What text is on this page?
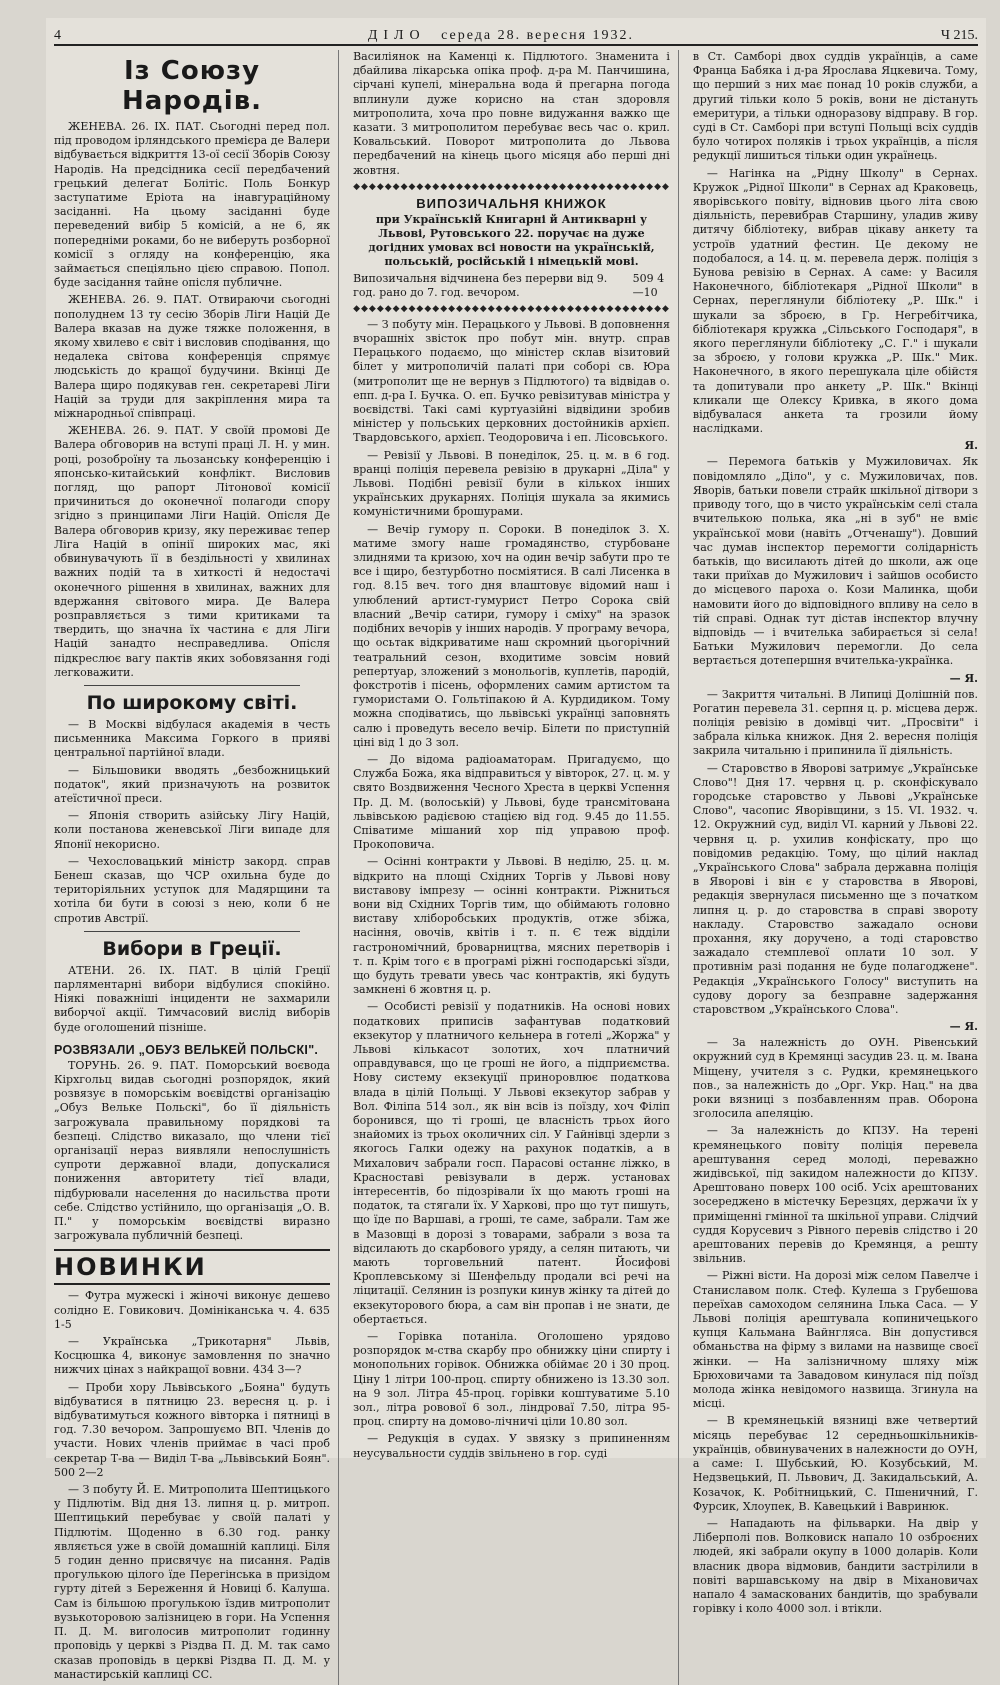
4	ДІЛО середа 28. вересня 1932.	Ч 215.
Із Союзу Народів.

ЖЕНЕВА. 26. ІХ. ПАТ. Сьогодні перед пол. під проводом ірляндського премієра де Валери відбувається відкриття 13-ої сесії Зборів Союзу Народів. На предсідника сесії передбачений грецький делегат Болітіс. Поль Бонкур заступатиме Еріота на інавгураційному засіданні. На цьому засіданні буде переведений вибір 5 комісій, а не 6, як попередніми роками, бо не виберуть розборної комісії з огляду на конференцію, яка займається спеціяльно цією справою. Попол. буде засідання тайне опісля публичне.

ЖЕНЕВА. 26. 9. ПАТ. Отвираючи сьогодні пополуднем 13 ту сесію Зборів Ліги Націй Де Валера вказав на дуже тяжке положення, в якому хвилево є світ і висловив сподівання, що недалека світова конференція спрямує людськість до кращої будучини. Вкінці Де Валера щиро подякував ген. секретареві Ліги Націй за труди для закріплення мира та міжнародньої співпраці.

ЖЕНЕВА. 26. 9. ПАТ. У своїй промові Де Валера обговорив на вступі праці Л. Н. у мин. році, розоброїну та льозанську конференцію і японсько-китайський конфлікт. Висловив погляд, що рапорт Літонової комісії причиниться до оконечної полагоди спору згідно з принципами Ліги Націй. Опісля Де Валера обговорив кризу, яку переживає тепер Ліга Націй в опінії широких мас, які обвинувачують її в бездільності у хвилинах важних подій та в хиткості й недостачі оконечного рішення в хвилинах, важних для вдержання світового мира. Де Валера розправляється з тими критиками та твердить, що значна їх частина є для Ліги Націй занадто несправедлива. Опісля підкреслює вагу пактів яких зобовязання годі легковажити.

По широкому світі.

— В Москві відбулася академія в честь письменника Максима Горкого в приявi центральної партійної влади.

— Більшовики вводять „безбожницький податок", який призначують на розвиток атеїстичної преси.

— Японія створить азійську Лігу Націй, коли постанова женевської Ліги випаде для Японії некорисно.

— Чехословацький міністр закорд. справ Бенеш сказав, що ЧСР охильна буде до територіяльних уступок для Мадярщини та хотіла би бути в союзі з нею, коли б не спротив Австрії.

Вибори в Греції.

АТЕНИ. 26. ІХ. ПАТ. В цілій Греції парляментарні вибори відбулися спокійно. Ніякі поважніші інциденти не захмарили виборчої акції. Тимчасовий вислід виборів буде оголошений пізніше.

РОЗВЯЗАЛИ „ОБУЗ ВЕЛЬКЕЙ ПОЛЬСКІ".

ТОРУНЬ. 26. 9. ПАТ. Поморський воєвода Кірхгольц видав сьогодні розпорядок, який розвязує в поморськім воєвідстві організацію „Обуз Вельке Польскі", бо її діяльність загрожувала правильному порядкові та безпеці. Слідство виказало, що члени тієї організації нераз виявляли непослушність супроти державної влади, допускалися пониження авторитету тієї влади, підбурювали населення до насильства проти себе. Слідство устійнило, що організація „О. В. П." у поморськім воєвідстві виразно загрожувала публичній безпеці.

НОВИНКИ

— Футра мужескі і жіночі виконує дешево солідно Е. Говикович. Домініканська ч. 4. 635 1-5

— Українська „Трикотарня" Львів, Косцюшка 4, виконує замовлення по значно нижчих цінах з найкращої вовни. 434 3—?

— Проби хору Львівського „Бояна" будуть відбуватися в пятницю 23. вересня ц. р. і відбуватимуться кожного вівторка і пятниці в год. 7.30 вечором. Запрошуємо ВП. Членів до участи. Нових членів приймає в часі проб секретар Т-ва — Виділ Т-ва „Львівський Боян". 500 2—2

— З побуту Й. Е. Митрополита Шептицького у Підлютім. Від дня 13. липня ц. р. митроп. Шептицький перебуває у своїй палаті у Підлютім. Щоденно в 6.30 год. ранку являється уже в своїй домашній каплиці. Біля 5 годин денно присвячує на писання. Радів прогулькою цілого їде Перегінська в призідом гурту дітей з Береження й Новиці б. Калуша. Сам із більшою прогулькою їздив митрополит вузькоторовою залізницею в гори. На Успення П. Д. М. виголосив митрополит годинну проповідь у церкві з Різдва П. Д. М. так само сказав проповідь в церкві Різдва П. Д. М. у манастирській каплиці СС.

Василіянок на Каменці к. Підлютого. Знаменита і дбайлива лікарська опіка проф. д-ра М. Панчишина, сірчані купелі, мінеральна вода й прегарна погода вплинули дуже корисно на стан здоровля митрополита, хоча про повне видужання важко ще казати. З митрополитом перебуває весь час о. крил. Ковальський. Поворот митрополита до Львова передбачений на кінець цього місяця або перші дні жовтня.

◆◆◆◆◆◆◆◆◆◆◆◆◆◆◆◆◆◆◆◆◆◆◆◆◆◆◆◆◆◆◆◆◆◆◆◆◆◆◆◆
ВИПОЗИЧАЛЬНЯ КНИЖОК

при Українській Книгарні й Антикварні у Львові, Рутовського 22. поручає на дуже догідних умовах всі новости на українській, польській, російській і німецькій мові.

Випозичальня відчинена без перерви від 9. год. рано до 7. год. вечором.
509 4—10
◆◆◆◆◆◆◆◆◆◆◆◆◆◆◆◆◆◆◆◆◆◆◆◆◆◆◆◆◆◆◆◆◆◆◆◆◆◆◆◆

— З побуту мін. Перацького у Львові. В доповнення вчорашніх звісток про побут мін. внутр. справ Перацького подаємо, що міністер склав візитовий білет у митрополичій палаті при соборі св. Юра (митрополит ще не вернув з Підлютого) та відвідав о. епп. д-ра І. Бучка. О. еп. Бучко ревізитував міністра у воєвідстві. Такі самі куртуазійні відвідини зробив міністер у польських церковних достойників архієп. Твардовського, архієп. Теодоровича і еп. Лісовського.

— Ревізії у Львові. В понеділок, 25. ц. м. в 6 год. вранці поліція перевела ревізію в друкарні „Діла" у Львові. Подібні ревізії були в кількох інших українських друкарнях. Поліція шукала за якимись комуністичними брошурами.

— Вечір гумору п. Сороки. В понеділок 3. Х. матиме змогу наше громадянство, стурбоване злиднями та кризою, хоч на один вечір забути про те все і щиро, безтурботно посміятися. В салі Лисенка в год. 8.15 веч. того дня влаштовує відомий наш і улюблений артист-гумурист Петро Сорока свій власний „Вечір сатири, гумору і сміху" на зразок подібних вечорів у інших народів. У програму вечора, що осьтак відкриватиме наш скромний цьогорічний театральний сезон, входитиме зовсім новий репертуар, зложений з монольогів, куплетів, пародій, фокстротів і пісень, оформлених самим артистом та гумористами О. Гольтіпакою й А. Курдидиком. Тому можна сподіватись, що львівські українці заповнять салю і проведуть весело вечір. Білети по приступній ціні від 1 до 3 зол.

— До відома радіоаматорам. Пригадуємо, що Служба Божа, яка відправиться у вівторок, 27. ц. м. у свято Воздвиження Чесного Хреста в церкві Успення Пр. Д. М. (волоській) у Львові, буде трансмітована львівською радієвою стацією від год. 9.45 до 11.55. Співатиме мішаний хор під управою проф. Прокоповича.

— Осінні контракти у Львові. В неділю, 25. ц. м. відкрито на площі Східних Торгів у Львові нову виставову імпрезу — осінні контракти. Ріжниться вони від Східних Торгів тим, що обіймають головно виставу хліборобських продуктів, отже збіжа, насіння, овочів, квітів і т. п. Є теж відділи гастрономічний, броварництва, мясних перетворів і т. п. Крім того є в програмі ріжні господарські зїзди, що будуть тревати увесь час контрактів, які будуть замкнені 6 жовтня ц. р.

— Особисті ревізії у податників. На основі нових податкових приписів зафантував податковий екзекутор у платничого кельнера в готелі „Жоржа" у Львові кількасот золотих, хоч платничий оправдувався, що це гроші не його, а підприємства. Нову систему екзекуції приноровлює податкова влада в цілій Польщі. У Львові екзекутор забрав у Вол. Філіпа 514 зол., як він всів із поїзду, хоч Філіп боронився, що ті гроші, це власність трьох його знайомих із трьох околичних сіл. У Гайнівці здерли з якогось Галки одежу на рахунок податків, а в Михалович забрали госп. Парасові останнє ліжко, в Красноставі ревізували в держ. установах інтересентів, бо підозрівали їх що мають гроші на податок, та стягали їх. У Харкові, про що тут пишуть, що їде по Варшаві, а гроші, те саме, забрали. Там же в Мазовщі в дорозі з товарами, забрали з воза та відсилають до скарбового уряду, а селян питають, чи мають торговельний патент. Йосифові Кроплевському зі Шенфельду продали всі речі на ліцитації. Селянин із розпуки кинув жінку та дітей до екзекуторового бюра, а сам він пропав і не знати, де обертається.

— Горівка потаніла. Оголошено урядово розпорядок м-ства скарбу про обнижку ціни спирту і монопольних горівок. Обнижка обіймає 20 і 30 проц. Ціну 1 літри 100-проц. спирту обнижено із 13.30 зол. на 9 зол. Літра 45-проц. горівки коштуватиме 5.10 зол., літра ровової 6 зол., ліндроваї 7.50, літра 95-проц. спирту на домово-лічничі ціли 10.80 зол.

— Редукція в судах. У звязку з припиненням неусувальности суддів звільнено в гор. суді

в Ст. Самборі двох суддів українців, а саме Франца Бабяка і д-ра Ярослава Яцкевича. Тому, що перший з них має понад 10 років служби, а другий тільки коло 5 років, вони не дістануть емеритури, а тільки одноразову відправу. В гор. суді в Ст. Самборі при вступі Польщі всіх суддів було чотирох поляків і трьох українців, а після редукції лишиться тільки один українець.

— Нагінка на „Рідну Школу" в Сернах. Кружок „Рідної Школи" в Сернах ад Краковець, яворівського повіту, відновив цього літа свою діяльність, перевибрав Старшину, уладив живу дитячу бібліотеку, вибрав цікаву анкету та устроїв удатний фестин. Це декому не подобалося, а 14. ц. м. перевела держ. поліція з Бунова ревізію в Сернах. А саме: у Василя Наконечного, бібліотекаря „Рідної Школи" в Сернах, переглянули бібліотеку „Р. Шк." і шукали за зброєю, в Гр. Негребітчика, бібліотекаря кружка „Сільського Господаря", в якого переглянули бібліотеку „С. Г." і шукали за зброєю, у голови кружка „Р. Шк." Мик. Наконечного, в якого перешукала ціле обійстя та допитували про анкету „Р. Шк." Вкінці кликали ще Олексу Кривка, в якого дома відбувалася анкета та грозили йому наслідками.

Я.

— Перемога батьків у Мужиловичах. Як повідомляло „Діло", у с. Мужиловичах, пов. Яворів, батьки повели страйк шкільної дітвори з приводу того, що в чисто українськім селі стала вчителькою полька, яка „ні в зуб" не вміє української мови (навіть „Отченашу"). Довший час думав інспектор перемогти солідарність батьків, що висилають дітей до школи, аж оце таки приїхав до Мужилович і зайшов особисто до місцевого пароха о. Кози Малинка, щоби намовити його до відповідного впливу на село в тій справі. Однак тут дістав інспектор влучну відповідь — і вчителька забирається зі села! Батьки Мужилович перемогли. До села вертається дотепершня вчителька-українка.

— Я.

— Закриття читальні. В Липиці Долішній пов. Рогатин перевела 31. серпня ц. р. місцева держ. поліція ревізію в домівці чит. „Просвіти" і забрала кілька книжок. Дня 2. вересня поліція закрила читальню і припинила її діяльність.

— Старовство в Яворові затримує „Українське Слово"! Дня 17. червня ц. р. сконфіскувало городське старовство у Львові „Українське Слово", часопис Яворівщини, з 15. VI. 1932. ч. 12. Окружний суд, виділ VI. карний у Львові 22. червня ц. р. ухилив конфіскату, про що повідомив редакцію. Тому, що цілий наклад „Українського Слова" забрала державна поліція в Яворові і він є у старовства в Яворові, редакція звернулася письменно ще з початком липня ц. р. до старовства в справі звороту накладу. Старовство зажадало основи прохання, яку доручено, а тоді старовство зажадало стемплевої оплати 10 зол. У противнім разі подання не буде полагоджене". Редакція „Українського Голосу" виступить на судову дорогу за безправне задержання старовством „Українського Слова".

— Я.

— За належність до ОУН. Рівенський окружний суд в Кремянці засудив 23. ц. м. Івана Міщену, учителя з с. Рудки, кремянецького пов., за належність до „Орг. Укр. Нац." на два роки вязниці з позбавленням прав. Оборона зголосила апеляцію.

— За належність до КПЗУ. На терені кремянецького повіту поліція перевела арештування серед молоді, переважно жидівської, під закидом належности до КПЗУ. Арештовано поверх 100 осіб. Усіх арештованих зосереджено в містечку Березцях, держачи їх у приміщенні гмінної та шкільної управи. Слідчий суддя Корусевич з Рівного перевів слідство і 20 арештованих перевів до Кремянця, а решту звільнив.

— Ріжні вісти. На дорозі між селом Павелче і Станиславом полк. Стеф. Кулеша з Грубешова переїхав самоходом селянина Ілька Саса. — У Львові поліція арештувала копиничецького купця Кальмана Вайнгляса. Він допустився обманьства на фірму з вилами на назвище своєї жінки. — На залізничному шляху між Брюховичами та Завадовом кинулася під поїзд молода жінка невідомого назвища. Згинула на місці.

— В кремянецькій вязниці вже четвертий місяць перебуває 12 середньошкільників-українців, обвинувачених в належности до ОУН, а саме: І. Шубський, Ю. Козубський, М. Недзвецький, П. Львович, Д. Закидальський, А. Козачок, К. Робітницький, С. Пшеничний, Г. Фурсик, Хлоупек, В. Кавецький і Вавринюк.

— Нападають на фільварки. На двір у Ліберполі пов. Волковиск напало 10 озброєних людей, які забрали окупу в 1000 доларів. Коли власник двора відмовив, бандити застрілили в повіті варшавському на двір в Міхановичах напало 4 замаскованих бандитів, що зрабували горівку і коло 4000 зол. і втікли.
